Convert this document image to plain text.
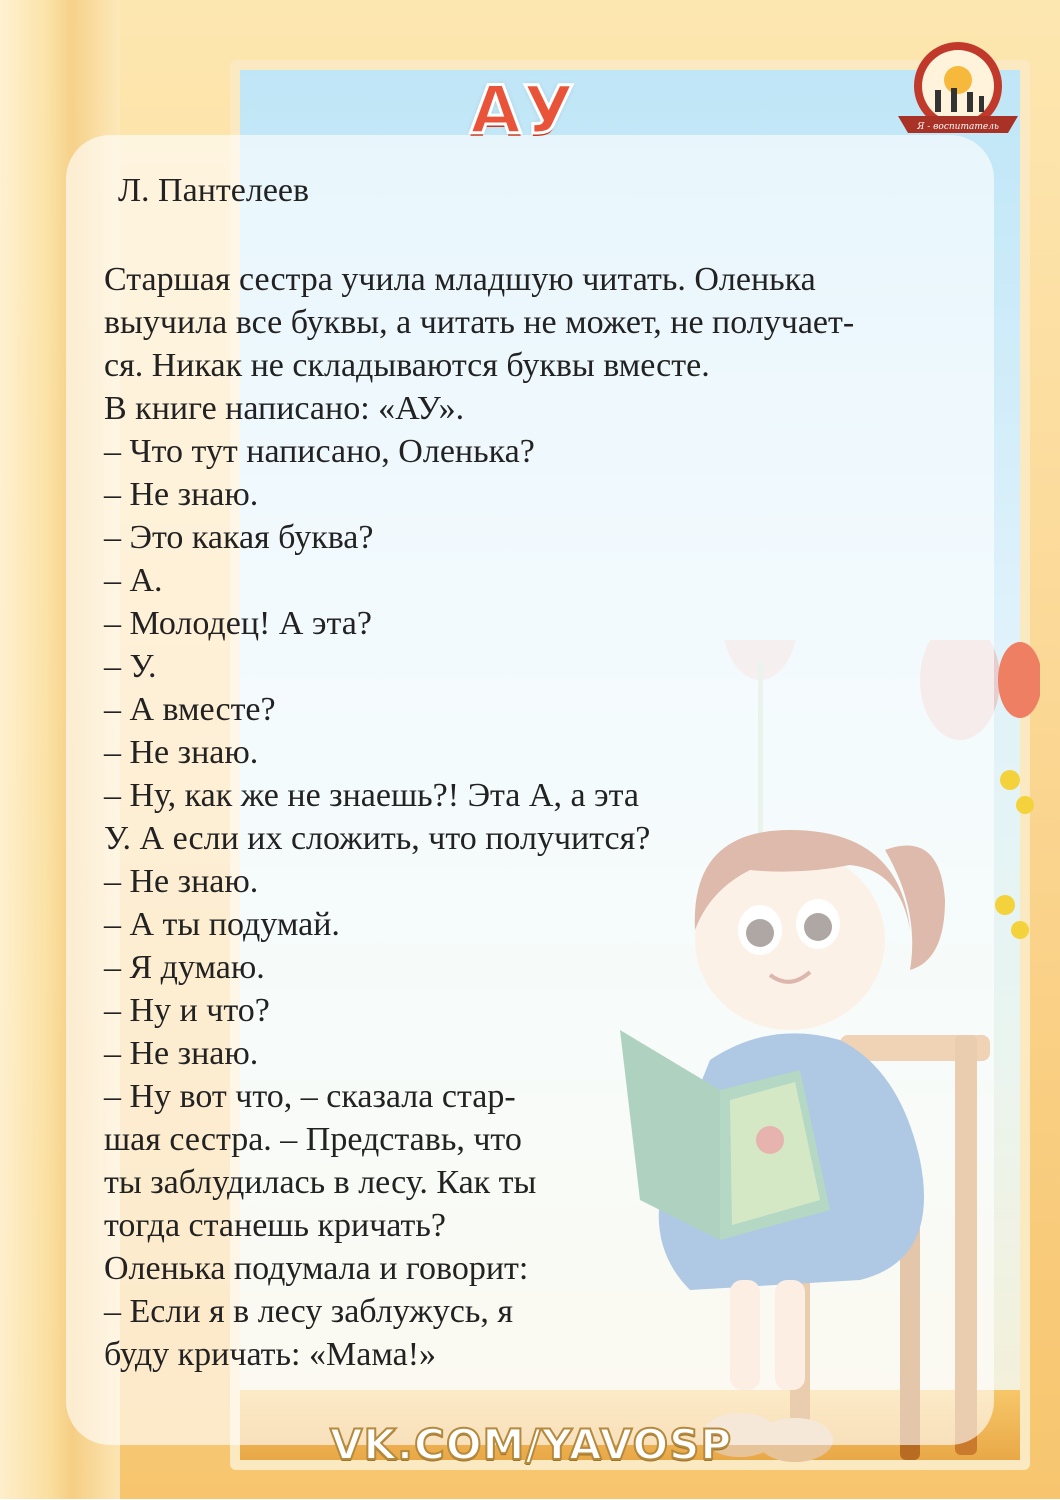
АУ	Я - воспитатель
Л. Пантелеев

Старшая сестра учила младшую читать. Оленька

выучила все буквы, а читать не может, не получает-

ся. Никак не складываются буквы вместе.

В книге написано: «АУ».

– Что тут написано, Оленька?

– Не знаю.

– Это какая буква?

– А.

– Молодец! А эта?

– У.

– А вместе?

– Не знаю.

– Ну, как же не знаешь?! Эта А, а эта

У. А если их сложить, что получится?

– Не знаю.

– А ты подумай.

– Я думаю.

– Ну и что?

– Не знаю.

– Ну вот что, – сказала стар-

шая сестра. – Представь, что

ты заблудилась в лесу. Как ты

тогда станешь кричать?

Оленька подумала и говорит:

– Если я в лесу заблужусь, я

буду кричать: «Мама!»

VK.COM/YAVOSP
